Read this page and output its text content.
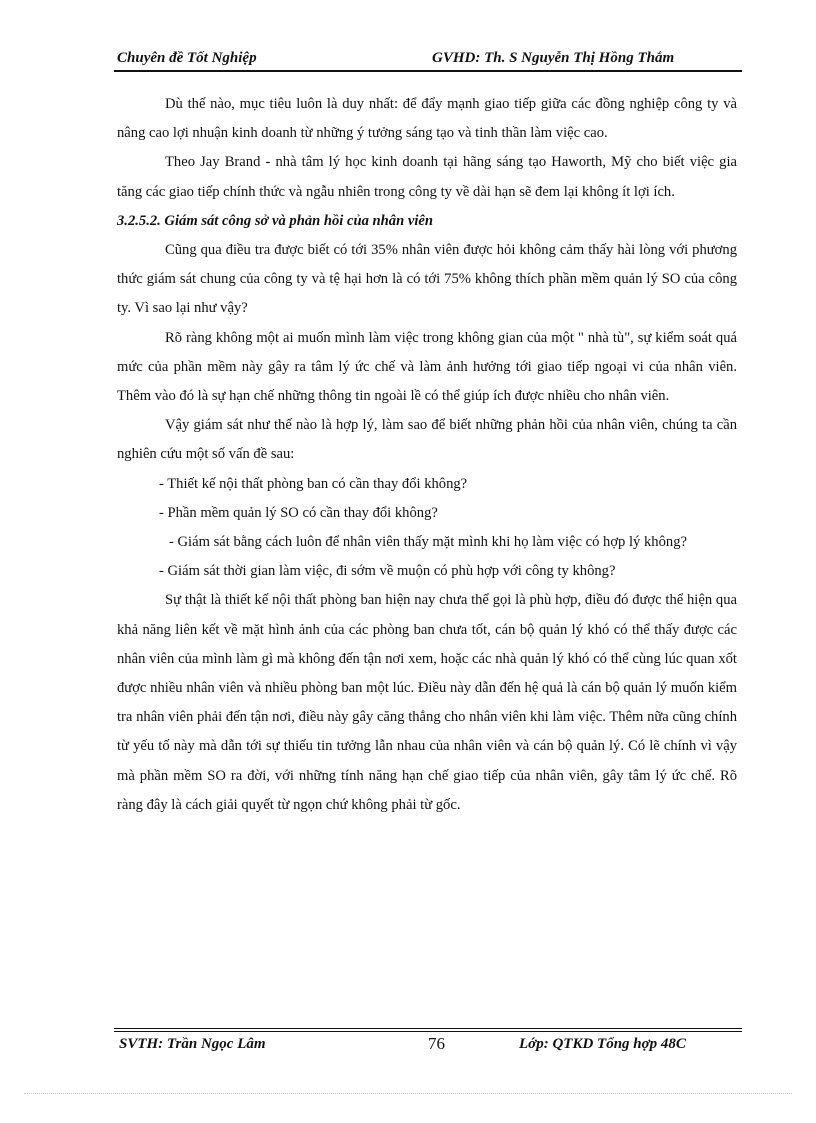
Chuyên đề Tốt Nghiệp	GVHD: Th. S Nguyễn Thị Hồng Thắm

Dù thế nào, mục tiêu luôn là duy nhất: để đẩy mạnh giao tiếp giữa các đồng nghiệp công ty và nâng cao lợi nhuận kinh doanh từ những ý tưởng sáng tạo và tinh thần làm việc cao.

Theo Jay Brand - nhà tâm lý học kinh doanh tại hãng sáng tạo Haworth, Mỹ cho biết việc gia tăng các giao tiếp chính thức và ngẫu nhiên trong công ty về dài hạn sẽ đem lại không ít lợi ích.

3.2.5.2. Giám sát công sở và phản hồi của nhân viên

Cũng qua điều tra được biết có tới 35% nhân viên được hỏi không cảm thấy hài lòng với phương thức giám sát chung của công ty và tệ hại hơn là có tới 75% không thích phần mềm quản lý SO của công ty. Vì sao lại như vậy?

Rõ ràng không một ai muốn mình làm việc trong không gian của một " nhà tù", sự kiểm soát quá mức của phần mềm này gây ra tâm lý ức chế và làm ảnh hưởng tới giao tiếp ngoại vi của nhân viên. Thêm vào đó là sự hạn chế những thông tin ngoài lề có thể giúp ích được nhiều cho nhân viên.

Vậy giám sát như thế nào là hợp lý, làm sao để biết những phản hồi của nhân viên, chúng ta cần nghiên cứu một số vấn đề sau:

- Thiết kế nội thất phòng ban có cần thay đổi không?

- Phần mềm quản lý SO có cần thay đổi không?

- Giám sát bằng cách luôn để nhân viên thấy mặt mình khi họ làm việc có hợp lý không?

- Giám sát thời gian làm việc, đi sớm về muộn có phù hợp với công ty không?

Sự thật là thiết kế nội thất phòng ban hiện nay chưa thể gọi là phù hợp, điều đó được thể hiện qua khả năng liên kết về mặt hình ảnh của các phòng ban chưa tốt, cán bộ quản lý khó có thể thấy được các nhân viên của mình làm gì mà không đến tận nơi xem, hoặc các nhà quản lý khó có thể cùng lúc quan xốt được nhiều nhân viên và nhiều phòng ban một lúc. Điều này dẫn đến hệ quả là cán bộ quản lý muốn kiểm tra nhân viên phải đến tận nơi, điều này gây căng thẳng cho nhân viên khi làm việc. Thêm nữa cũng chính từ yếu tố này mà dẫn tới sự thiếu tin tưởng lẫn nhau của nhân viên và cán bộ quản lý. Có lẽ chính vì vậy mà phần mềm SO ra đời, với những tính năng hạn chế giao tiếp của nhân viên, gây tâm lý ức chế. Rõ ràng đây là cách giải quyết từ ngọn chứ không phải từ gốc.

SVTH: Trần Ngọc Lâm	76	Lớp: QTKD Tổng hợp 48C
